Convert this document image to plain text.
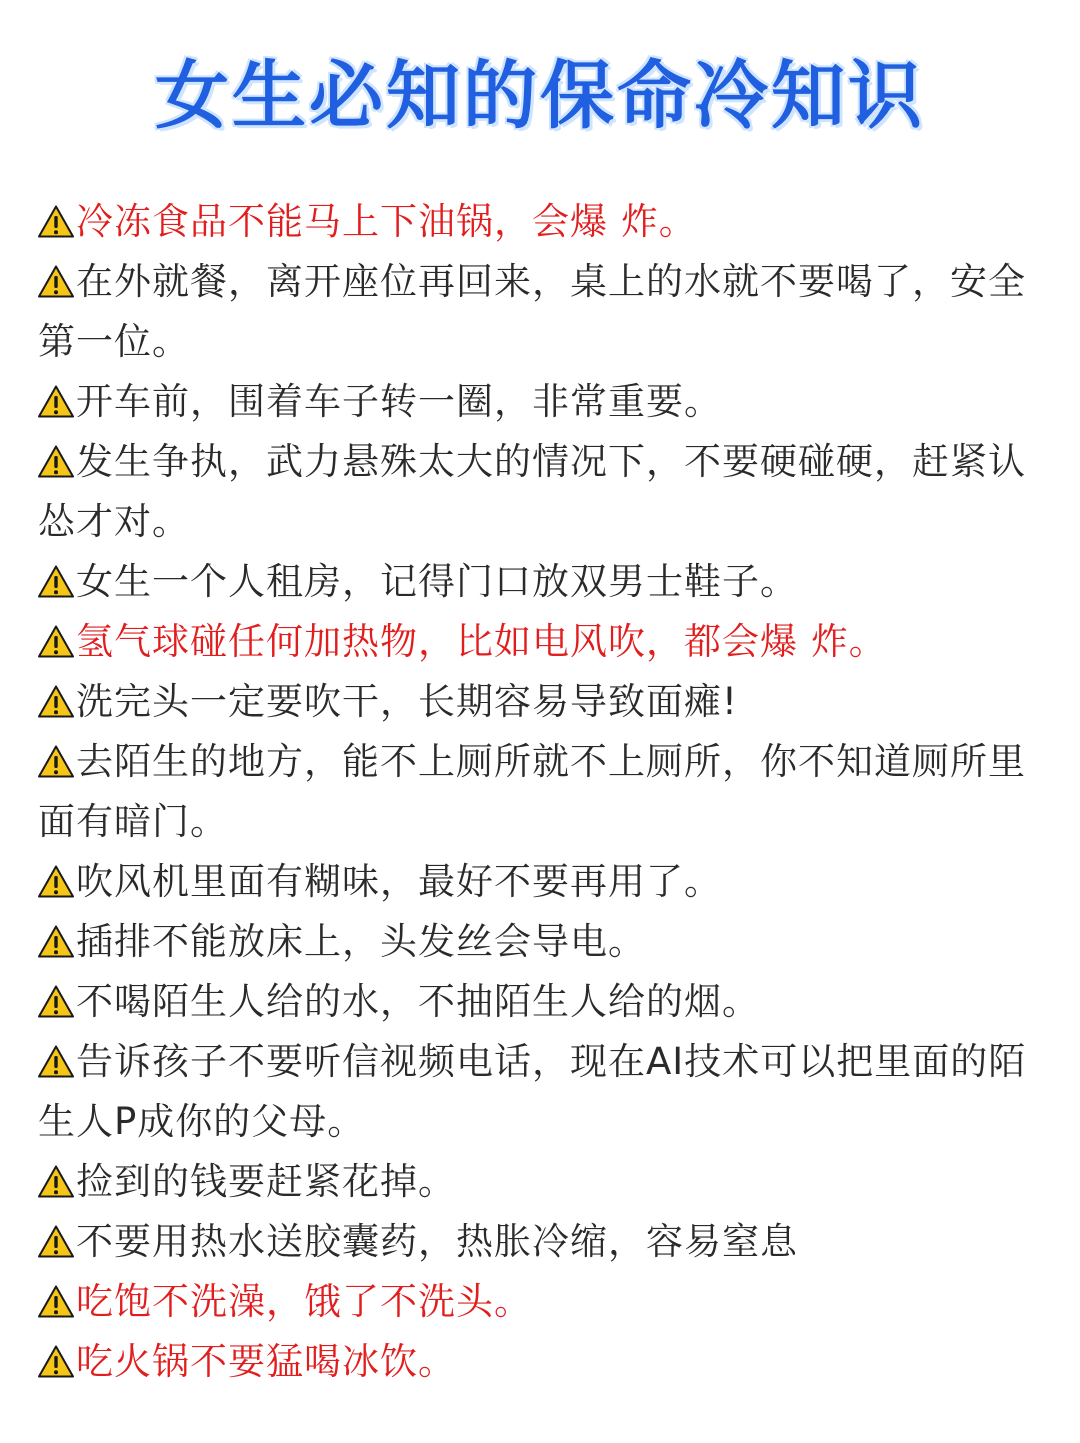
女生必知的保命冷知识
冷冻食品不能马上下油锅，会爆 炸。
在外就餐，离开座位再回来，桌上的水就不要喝了，安全第一位。
开车前，围着车子转一圈，非常重要。
发生争执，武力悬殊太大的情况下，不要硬碰硬，赶紧认怂才对。
女生一个人租房，记得门口放双男士鞋子。
氢气球碰任何加热物，比如电风吹，都会爆 炸。
洗完头一定要吹干，长期容易导致面瘫!
去陌生的地方，能不上厕所就不上厕所，你不知道厕所里面有暗门。
吹风机里面有糊味，最好不要再用了。
插排不能放床上，头发丝会导电。
不喝陌生人给的水，不抽陌生人给的烟。
告诉孩子不要听信视频电话，现在AI技术可以把里面的陌生人P成你的父母。
捡到的钱要赶紧花掉。
不要用热水送胶囊药，热胀冷缩，容易窒息
吃饱不洗澡，饿了不洗头。
吃火锅不要猛喝冰饮。
